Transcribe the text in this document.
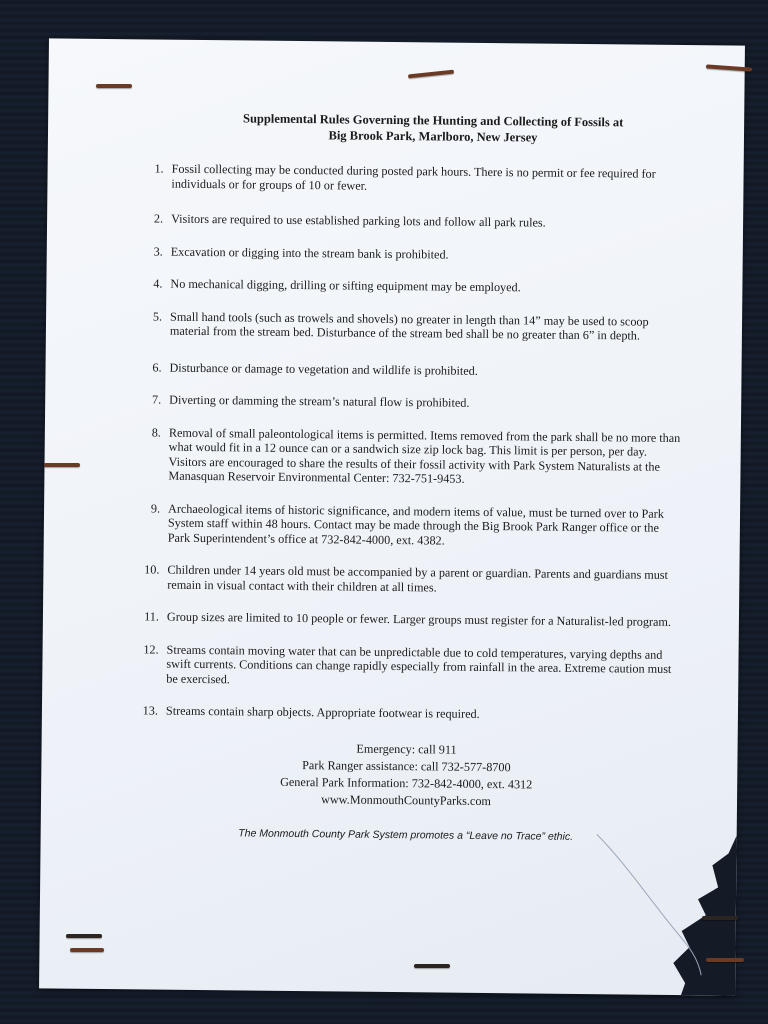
Supplemental Rules Governing the Hunting and Collecting of Fossils at
Big Brook Park, Marlboro, New Jersey
1. Fossil collecting may be conducted during posted park hours. There is no permit or fee required for individuals or for groups of 10 or fewer.
2. Visitors are required to use established parking lots and follow all park rules.
3. Excavation or digging into the stream bank is prohibited.
4. No mechanical digging, drilling or sifting equipment may be employed.
5. Small hand tools (such as trowels and shovels) no greater in length than 14” may be used to scoop material from the stream bed. Disturbance of the stream bed shall be no greater than 6” in depth.
6. Disturbance or damage to vegetation and wildlife is prohibited.
7. Diverting or damming the stream’s natural flow is prohibited.
8. Removal of small paleontological items is permitted. Items removed from the park shall be no more than what would fit in a 12 ounce can or a sandwich size zip lock bag. This limit is per person, per day. Visitors are encouraged to share the results of their fossil activity with Park System Naturalists at the Manasquan Reservoir Environmental Center: 732-751-9453.
9. Archaeological items of historic significance, and modern items of value, must be turned over to Park System staff within 48 hours. Contact may be made through the Big Brook Park Ranger office or the Park Superintendent’s office at 732-842-4000, ext. 4382.
10. Children under 14 years old must be accompanied by a parent or guardian. Parents and guardians must remain in visual contact with their children at all times.
11. Group sizes are limited to 10 people or fewer. Larger groups must register for a Naturalist-led program.
12. Streams contain moving water that can be unpredictable due to cold temperatures, varying depths and swift currents. Conditions can change rapidly especially from rainfall in the area. Extreme caution must be exercised.
13. Streams contain sharp objects. Appropriate footwear is required.
Emergency: call 911
Park Ranger assistance: call 732-577-8700
General Park Information: 732-842-4000, ext. 4312
www.MonmouthCountyParks.com
The Monmouth County Park System promotes a “Leave no Trace” ethic.
